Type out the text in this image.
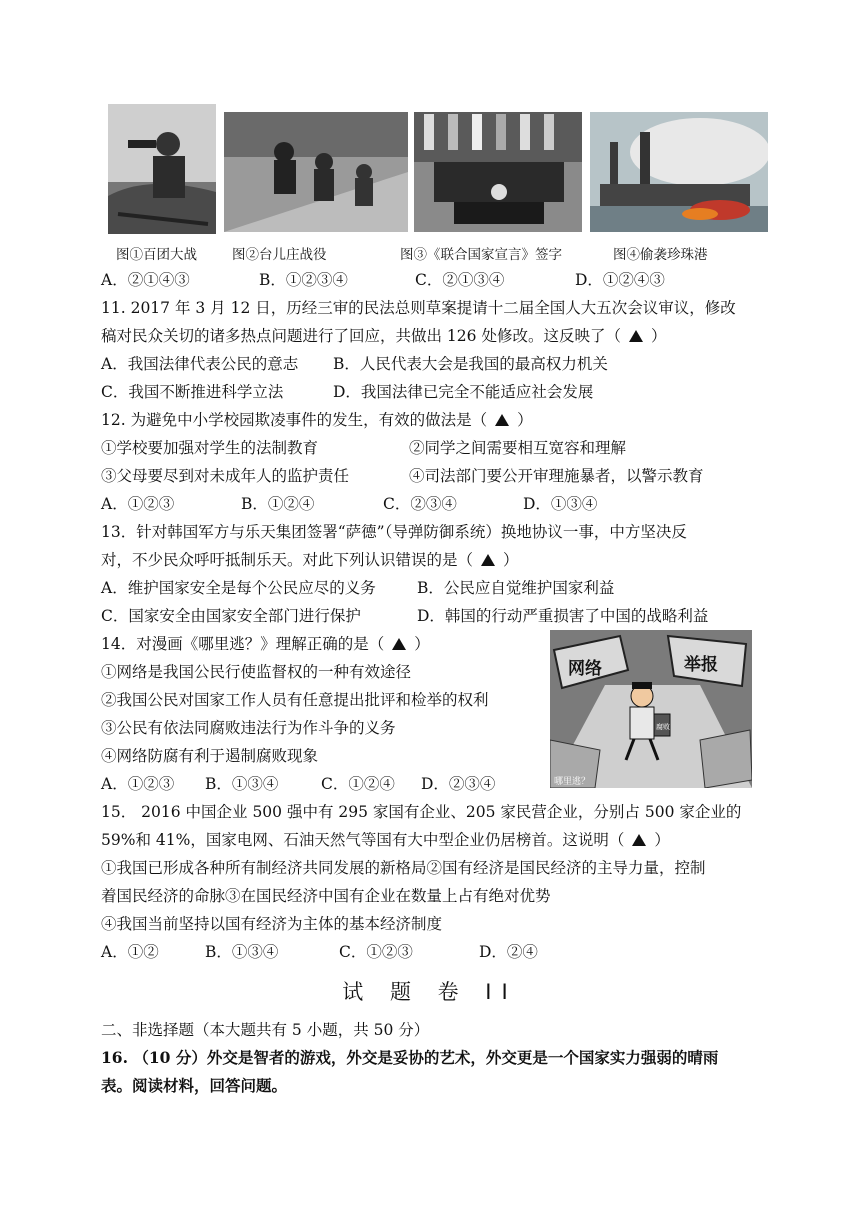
图①百团大战	图②台儿庄战役	图③《联合国家宣言》签字	图④偷袭珍珠港
A．②①④③	B．①②③④	C．②①③④	D．①②④③
11. 2017 年 3 月 12 日，历经三审的民法总则草案提请十二届全国人大五次会议审议，修改
稿对民众关切的诸多热点问题进行了回应，共做出 126 处修改。这反映了（ ）
A．我国法律代表公民的意志 B．人民代表大会是我国的最高权力机关
C．我国不断推进科学立法	D．我国法律已完全不能适应社会发展
12. 为避免中小学校园欺凌事件的发生，有效的做法是（ ）
①学校要加强对学生的法制教育	②同学之间需要相互宽容和理解
③父母要尽到对未成年人的监护责任	④司法部门要公开审理施暴者，以警示教育
A．①②③	B．①②④	C．②③④	D．①③④
13．针对韩国军方与乐天集团签署“萨德”（导弹防御系统）换地协议一事，中方坚决反
对，不少民众呼吁抵制乐天。对此下列认识错误的是（ ）
A．维护国家安全是每个公民应尽的义务	B．公民应自觉维护国家利益
C．国家安全由国家安全部门进行保护	D．韩国的行动严重损害了中国的战略利益
14．对漫画《哪里逃？》理解正确的是（ ）
①网络是我国公民行使监督权的一种有效途径
②我国公民对国家工作人员有任意提出批评和检举的权利
③公民有依法同腐败违法行为作斗争的义务
④网络防腐有利于遏制腐败现象
A．①②③ B．①③④	C．①②④ D．②③④
网络	举报
腐败
哪里逃？
15． 2016 中国企业 500 强中有 295 家国有企业、205 家民营企业，分别占 500 家企业的
59%和 41%，国家电网、石油天然气等国有大中型企业仍居榜首。这说明（ ）
①我国已形成各种所有制经济共同发展的新格局②国有经济是国民经济的主导力量，控制
着国民经济的命脉③在国民经济中国有企业在数量上占有绝对优势
④我国当前坚持以国有经济为主体的基本经济制度
A．①②	B．①③④	C．①②③	D．②④
试 题 卷 II
二、非选择题（本大题共有 5 小题，共 50 分）
16. （10 分）外交是智者的游戏，外交是妥协的艺术，外交更是一个国家实力强弱的晴雨
表。阅读材料，回答问题。
